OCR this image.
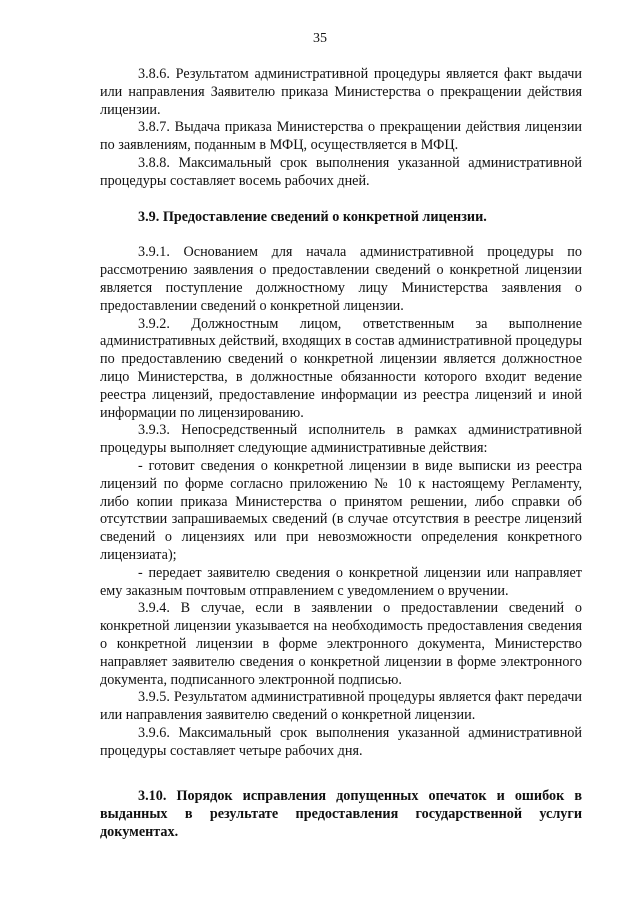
35

3.8.6. Результатом административной процедуры является факт выдачи или направления Заявителю приказа Министерства о прекращении действия лицензии.

3.8.7. Выдача приказа Министерства о прекращении действия лицензии по заявлениям, поданным в МФЦ, осуществляется в МФЦ.

3.8.8. Максимальный срок выполнения указанной административной процедуры составляет восемь рабочих дней.

3.9. Предоставление сведений о конкретной лицензии.

3.9.1. Основанием для начала административной процедуры по рассмотрению заявления о предоставлении сведений о конкретной лицензии является поступление должностному лицу Министерства заявления о предоставлении сведений о конкретной лицензии.

3.9.2. Должностным лицом, ответственным за выполнение административных действий, входящих в состав административной процедуры по предоставлению сведений о конкретной лицензии является должностное лицо Министерства, в должностные обязанности которого входит ведение реестра лицензий, предоставление информации из реестра лицензий и иной информации по лицензированию.

3.9.3. Непосредственный исполнитель в рамках административной процедуры выполняет следующие административные действия:

- готовит сведения о конкретной лицензии в виде выписки из реестра лицензий по форме согласно приложению № 10 к настоящему Регламенту, либо копии приказа Министерства о принятом решении, либо справки об отсутствии запрашиваемых сведений (в случае отсутствия в реестре лицензий сведений о лицензиях или при невозможности определения конкретного лицензиата);

- передает заявителю сведения о конкретной лицензии или направляет ему заказным почтовым отправлением с уведомлением о вручении.

3.9.4. В случае, если в заявлении о предоставлении сведений о конкретной лицензии указывается на необходимость предоставления сведения о конкретной лицензии в форме электронного документа, Министерство направляет заявителю сведения о конкретной лицензии в форме электронного документа, подписанного электронной подписью.

3.9.5. Результатом административной процедуры является факт передачи или направления заявителю сведений о конкретной лицензии.

3.9.6. Максимальный срок выполнения указанной административной процедуры составляет четыре рабочих дня.

3.10. Порядок исправления допущенных опечаток и ошибок в выданных в результате предоставления государственной услуги документах.
